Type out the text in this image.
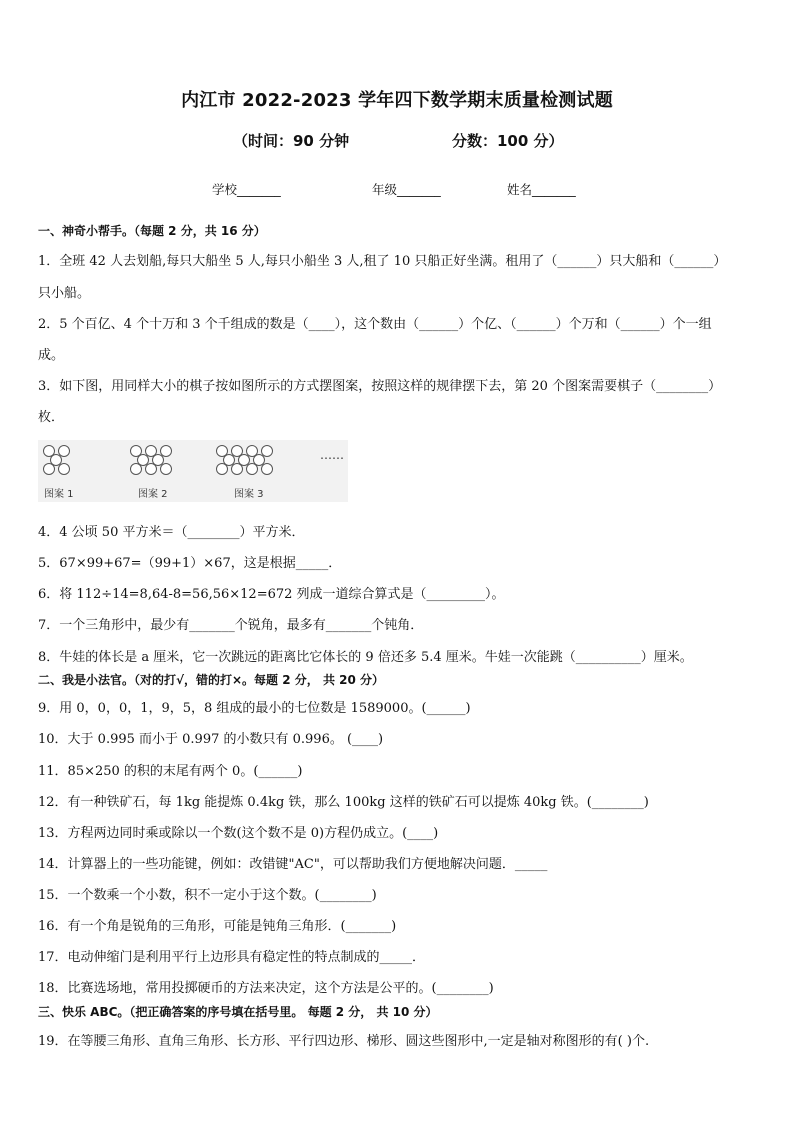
内江市 2022-2023 学年四下数学期末质量检测试题
（时间：90 分钟	分数：100 分）
学校_______	年级_______	姓名_______
一、神奇小帮手。（每题 2 分，共 16 分）
1．全班 42 人去划船,每只大船坐 5 人,每只小船坐 3 人,租了 10 只船正好坐满。租用了（______）只大船和（______）
只小船。
2．5 个百亿、4 个十万和 3 个千组成的数是（____），这个数由（______）个亿、（______）个万和（______）个一组
成。
3．如下图，用同样大小的棋子按如图所示的方式摆图案，按照这样的规律摆下去，第 20 个图案需要棋子（________）
枚．
……
图案 1	图案 2	图案 3
4．4 公顷 50 平方米＝（________）平方米．
5．67×99+67=（99+1）×67，这是根据_____．
6．将 112÷14=8,64-8=56,56×12=672 列成一道综合算式是（_________）。
7．一个三角形中，最少有_______个锐角，最多有_______个钝角．
8．牛娃的体长是 a 厘米，它一次跳远的距离比它体长的 9 倍还多 5.4 厘米。牛娃一次能跳（__________）厘米。
二、我是小法官。（对的打√，错的打×。每题 2 分， 共 20 分）
9．用 0，0，0，1，9，5，8 组成的最小的七位数是 1589000。(______)
10．大于 0.995 而小于 0.997 的小数只有 0.996。 (____)
11．85×250 的积的末尾有两个 0。(______)
12．有一种铁矿石，每 1kg 能提炼 0.4kg 铁，那么 100kg 这样的铁矿石可以提炼 40kg 铁。(________)
13．方程两边同时乘或除以一个数(这个数不是 0)方程仍成立。(____)
14．计算器上的一些功能键，例如：改错键"AC"，可以帮助我们方便地解决问题．_____
15．一个数乘一个小数，积不一定小于这个数。(________)
16．有一个角是锐角的三角形，可能是钝角三角形．(_______)
17．电动伸缩门是利用平行上边形具有稳定性的特点制成的_____．
18．比赛选场地，常用投掷硬币的方法来决定，这个方法是公平的。(________)
三、快乐 ABC。（把正确答案的序号填在括号里。 每题 2 分， 共 10 分）
19．在等腰三角形、直角三角形、长方形、平行四边形、梯形、圆这些图形中,一定是轴对称图形的有( )个.
